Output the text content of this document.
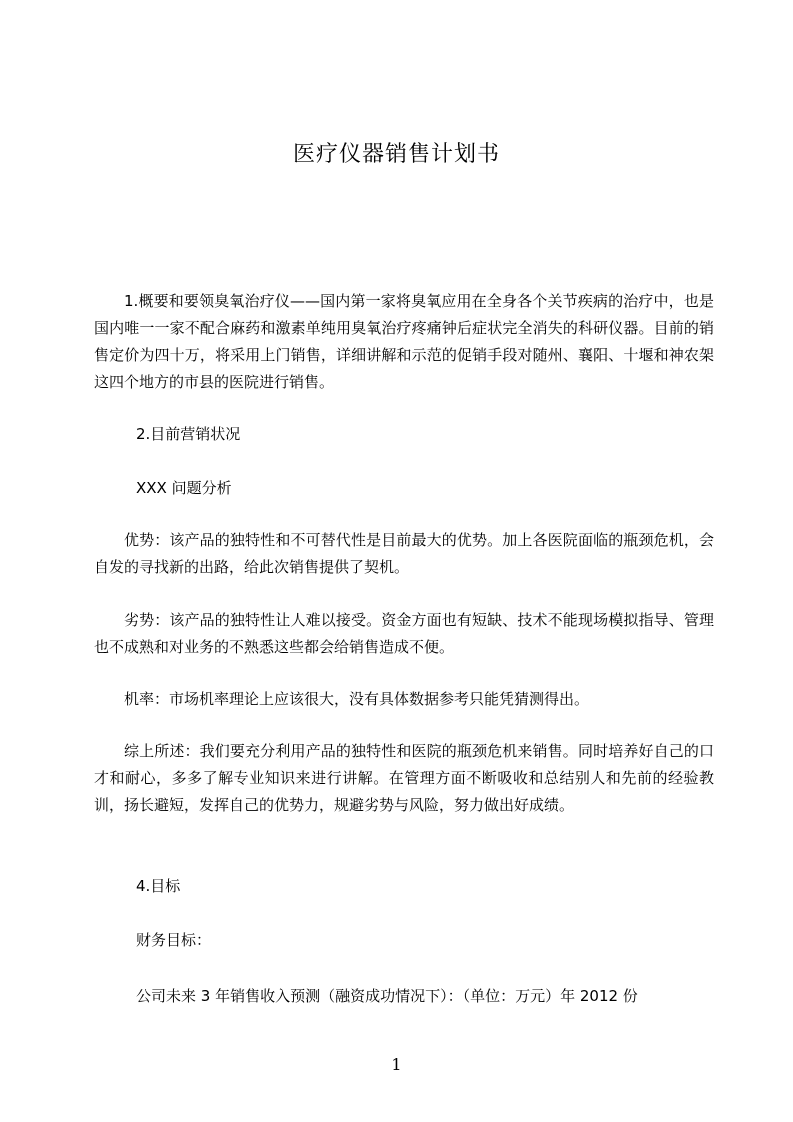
医疗仪器销售计划书

1.概要和要领臭氧治疗仪——国内第一家将臭氧应用在全身各个关节疾病的治疗中，也是国内唯一一家不配合麻药和激素单纯用臭氧治疗疼痛钟后症状完全消失的科研仪器。目前的销售定价为四十万，将采用上门销售，详细讲解和示范的促销手段对随州、襄阳、十堰和神农架这四个地方的市县的医院进行销售。

2.目前营销状况
XXX 问题分析

优势：该产品的独特性和不可替代性是目前最大的优势。加上各医院面临的瓶颈危机，会自发的寻找新的出路，给此次销售提供了契机。

劣势：该产品的独特性让人难以接受。资金方面也有短缺、技术不能现场模拟指导、管理也不成熟和对业务的不熟悉这些都会给销售造成不便。

机率：市场机率理论上应该很大，没有具体数据参考只能凭猜测得出。

综上所述：我们要充分利用产品的独特性和医院的瓶颈危机来销售。同时培养好自己的口才和耐心，多多了解专业知识来进行讲解。在管理方面不断吸收和总结别人和先前的经验教训，扬长避短，发挥自己的优势力，规避劣势与风险，努力做出好成绩。

4.目标
财务目标：
公司未来 3 年销售收入预测（融资成功情况下）：（单位：万元）年 2012 份
1
